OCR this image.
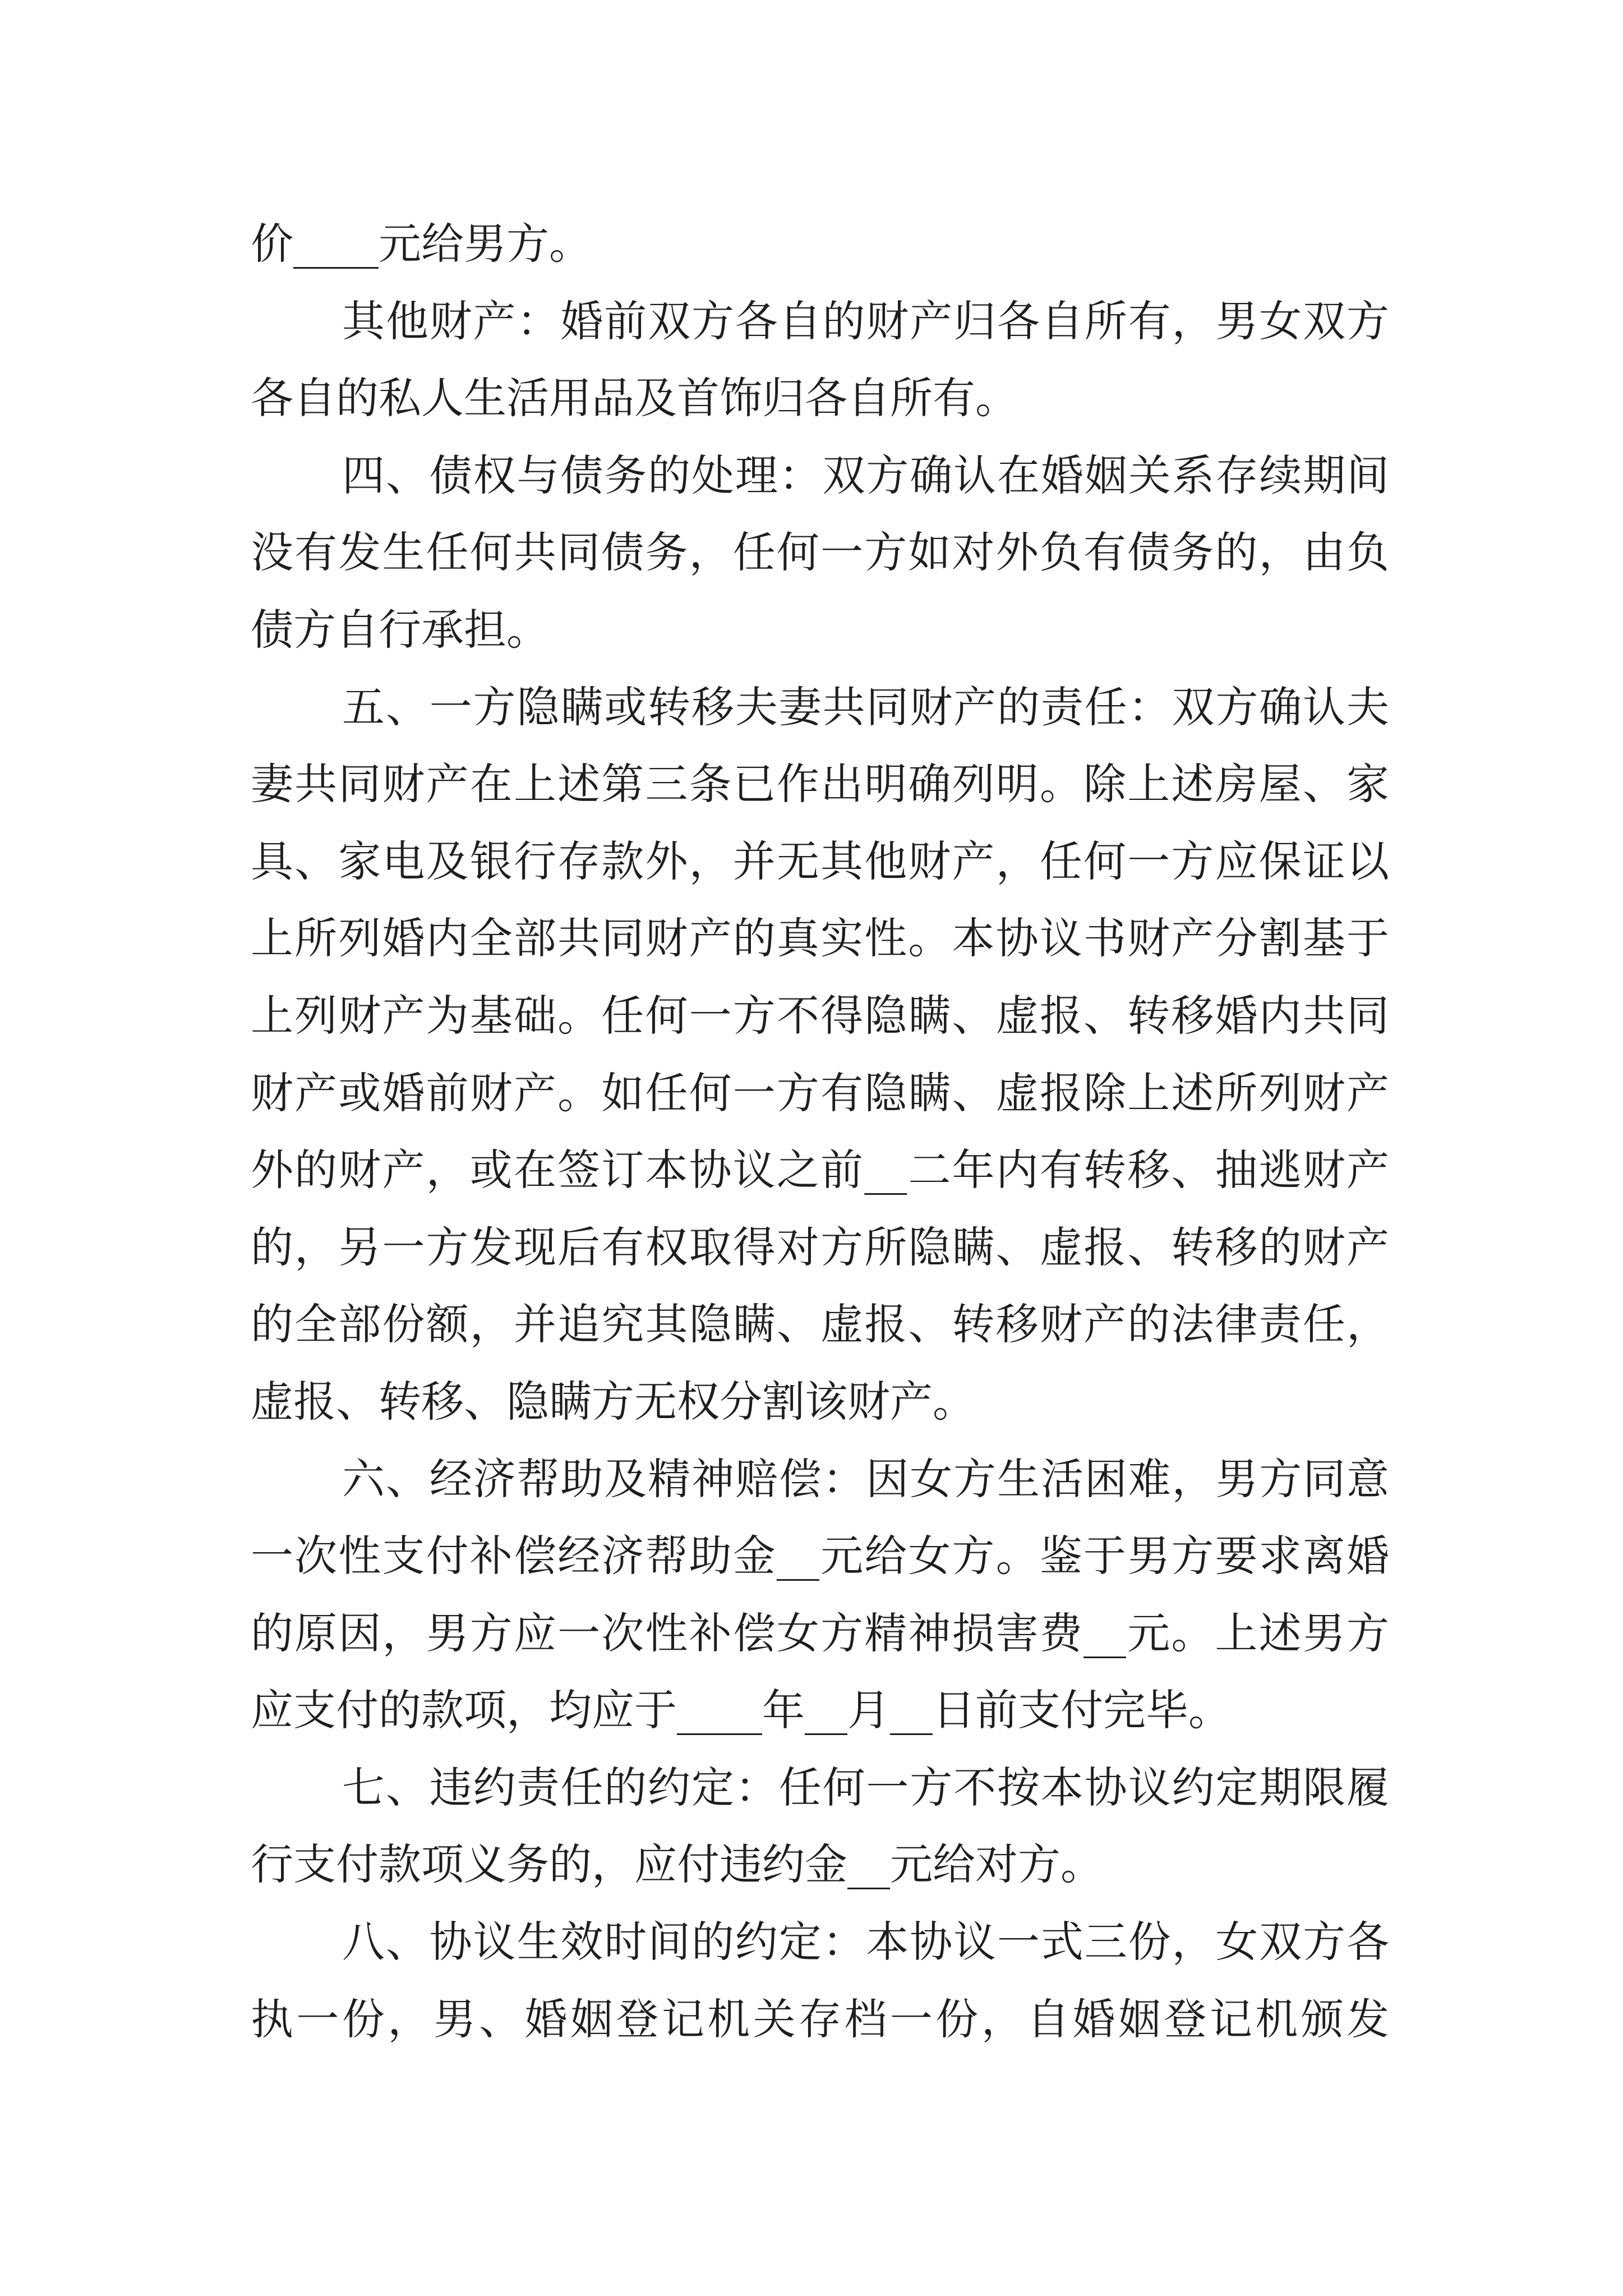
价____元给男方。
其他财产：婚前双方各自的财产归各自所有，男女双方
各自的私人生活用品及首饰归各自所有。
四、债权与债务的处理：双方确认在婚姻关系存续期间
没有发生任何共同债务，任何一方如对外负有债务的，由负
债方自行承担。
五、一方隐瞒或转移夫妻共同财产的责任：双方确认夫
妻共同财产在上述第三条已作出明确列明。除上述房屋、家
具、家电及银行存款外，并无其他财产，任何一方应保证以
上所列婚内全部共同财产的真实性。本协议书财产分割基于
上列财产为基础。任何一方不得隐瞒、虚报、转移婚内共同
财产或婚前财产。如任何一方有隐瞒、虚报除上述所列财产
外的财产，或在签订本协议之前__二年内有转移、抽逃财产
的，另一方发现后有权取得对方所隐瞒、虚报、转移的财产
的全部份额，并追究其隐瞒、虚报、转移财产的法律责任，
虚报、转移、隐瞒方无权分割该财产。
六、经济帮助及精神赔偿：因女方生活困难，男方同意
一次性支付补偿经济帮助金__元给女方。鉴于男方要求离婚
的原因，男方应一次性补偿女方精神损害费__元。上述男方
应支付的款项，均应于____年__月__日前支付完毕。
七、违约责任的约定：任何一方不按本协议约定期限履
行支付款项义务的，应付违约金__元给对方。
八、协议生效时间的约定：本协议一式三份，女双方各
执一份，男、婚姻登记机关存档一份，自婚姻登记机颁发
